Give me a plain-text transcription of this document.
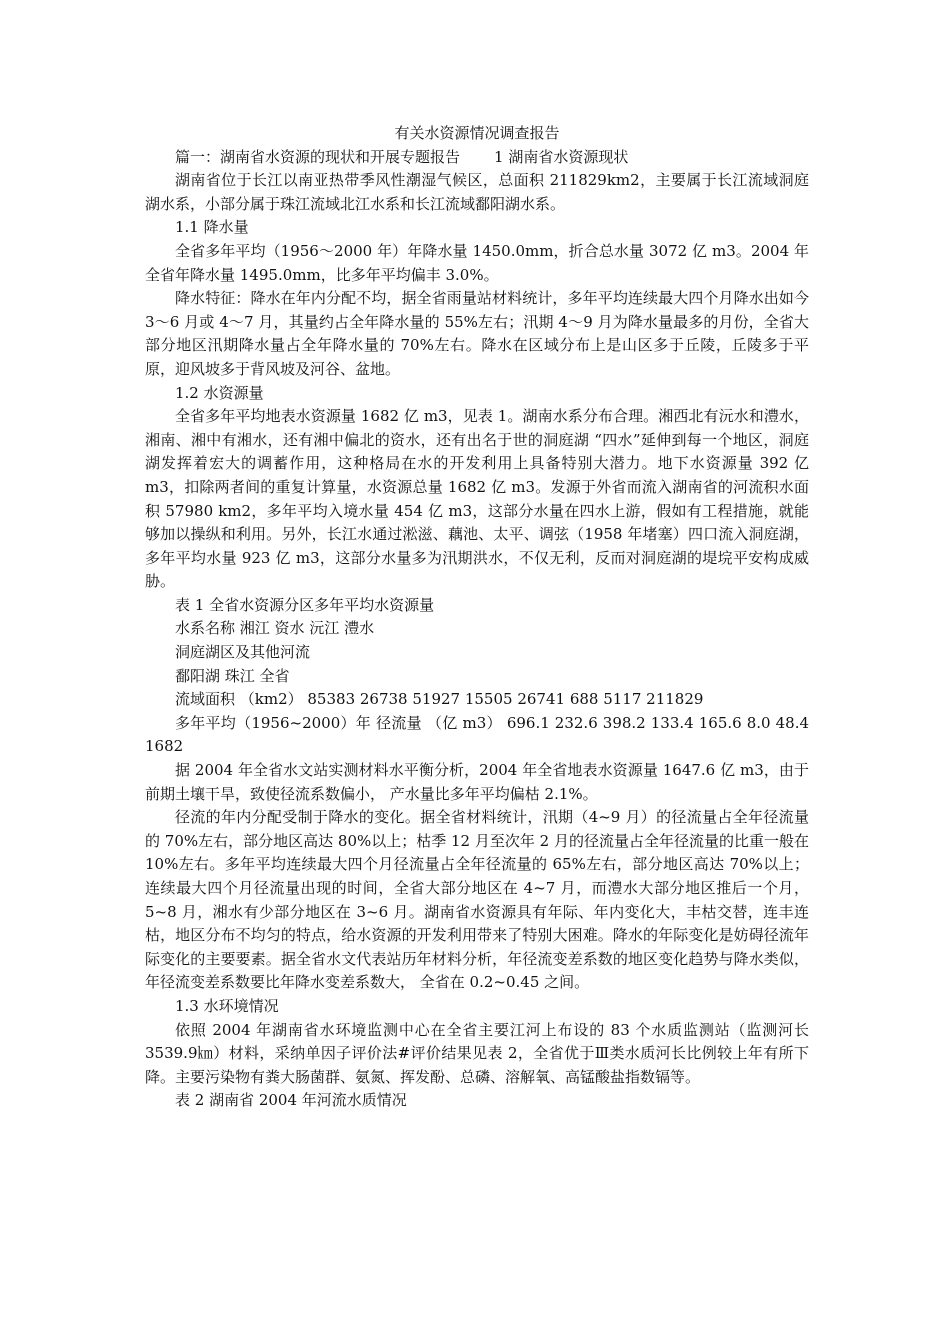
有关水资源情况调查报告

篇一：湖南省水资源的现状和开展专题报告 1 湖南省水资源现状

湖南省位于长江以南亚热带季风性潮湿气候区，总面积 211829km2，主要属于长江流域洞庭湖水系，小部分属于珠江流域北江水系和长江流域鄱阳湖水系。

1.1 降水量

全省多年平均（1956～2000 年）年降水量 1450.0mm，折合总水量 3072 亿 m3。2004 年全省年降水量 1495.0mm，比多年平均偏丰 3.0%。

降水特征：降水在年内分配不均，据全省雨量站材料统计，多年平均连续最大四个月降水出如今 3～6 月或 4～7 月，其量约占全年降水量的 55%左右；汛期 4～9 月为降水量最多的月份，全省大部分地区汛期降水量占全年降水量的 70%左右。降水在区域分布上是山区多于丘陵，丘陵多于平原，迎风坡多于背风坡及河谷、盆地。

1.2 水资源量

全省多年平均地表水资源量 1682 亿 m3，见表 1。湖南水系分布合理。湘西北有沅水和澧水，湘南、湘中有湘水，还有湘中偏北的资水，还有出名于世的洞庭湖 “四水”延伸到每一个地区，洞庭湖发挥着宏大的调蓄作用，这种格局在水的开发利用上具备特别大潜力。地下水资源量 392 亿 m3，扣除两者间的重复计算量，水资源总量 1682 亿 m3。发源于外省而流入湖南省的河流积水面积 57980 km2，多年平均入境水量 454 亿 m3，这部分水量在四水上游，假如有工程措施，就能够加以操纵和利用。另外，长江水通过淞滋、藕池、太平、调弦（1958 年堵塞）四口流入洞庭湖，多年平均水量 923 亿 m3，这部分水量多为汛期洪水，不仅无利，反而对洞庭湖的堤垸平安构成威胁。

表 1 全省水资源分区多年平均水资源量

水系名称 湘江 资水 沅江 澧水

洞庭湖区及其他河流

鄱阳湖 珠江 全省

流域面积 （km2） 85383 26738 51927 15505 26741 688 5117 211829

多年平均（1956~2000）年 径流量 （亿 m3） 696.1 232.6 398.2 133.4 165.6 8.0 48.4 1682

据 2004 年全省水文站实测材料水平衡分析，2004 年全省地表水资源量 1647.6 亿 m3，由于前期土壤干旱，致使径流系数偏小， 产水量比多年平均偏枯 2.1%。

径流的年内分配受制于降水的变化。据全省材料统计，汛期（4~9 月）的径流量占全年径流量的 70%左右，部分地区高达 80%以上；枯季 12 月至次年 2 月的径流量占全年径流量的比重一般在 10%左右。多年平均连续最大四个月径流量占全年径流量的 65%左右，部分地区高达 70%以上；连续最大四个月径流量出现的时间，全省大部分地区在 4~7 月，而澧水大部分地区推后一个月， 5~8 月，湘水有少部分地区在 3~6 月。湖南省水资源具有年际、年内变化大，丰枯交替，连丰连枯，地区分布不均匀的特点，给水资源的开发利用带来了特别大困难。降水的年际变化是妨碍径流年际变化的主要要素。据全省水文代表站历年材料分析，年径流变差系数的地区变化趋势与降水类似，年径流变差系数要比年降水变差系数大， 全省在 0.2~0.45 之间。

1.3 水环境情况

依照 2004 年湖南省水环境监测中心在全省主要江河上布设的 83 个水质监测站（监测河长 3539.9㎞）材料，采纳单因子评价法#评价结果见表 2，全省优于Ⅲ类水质河长比例较上年有所下降。主要污染物有粪大肠菌群、氨氮、挥发酚、总磷、溶解氧、高锰酸盐指数镉等。

表 2 湖南省 2004 年河流水质情况
